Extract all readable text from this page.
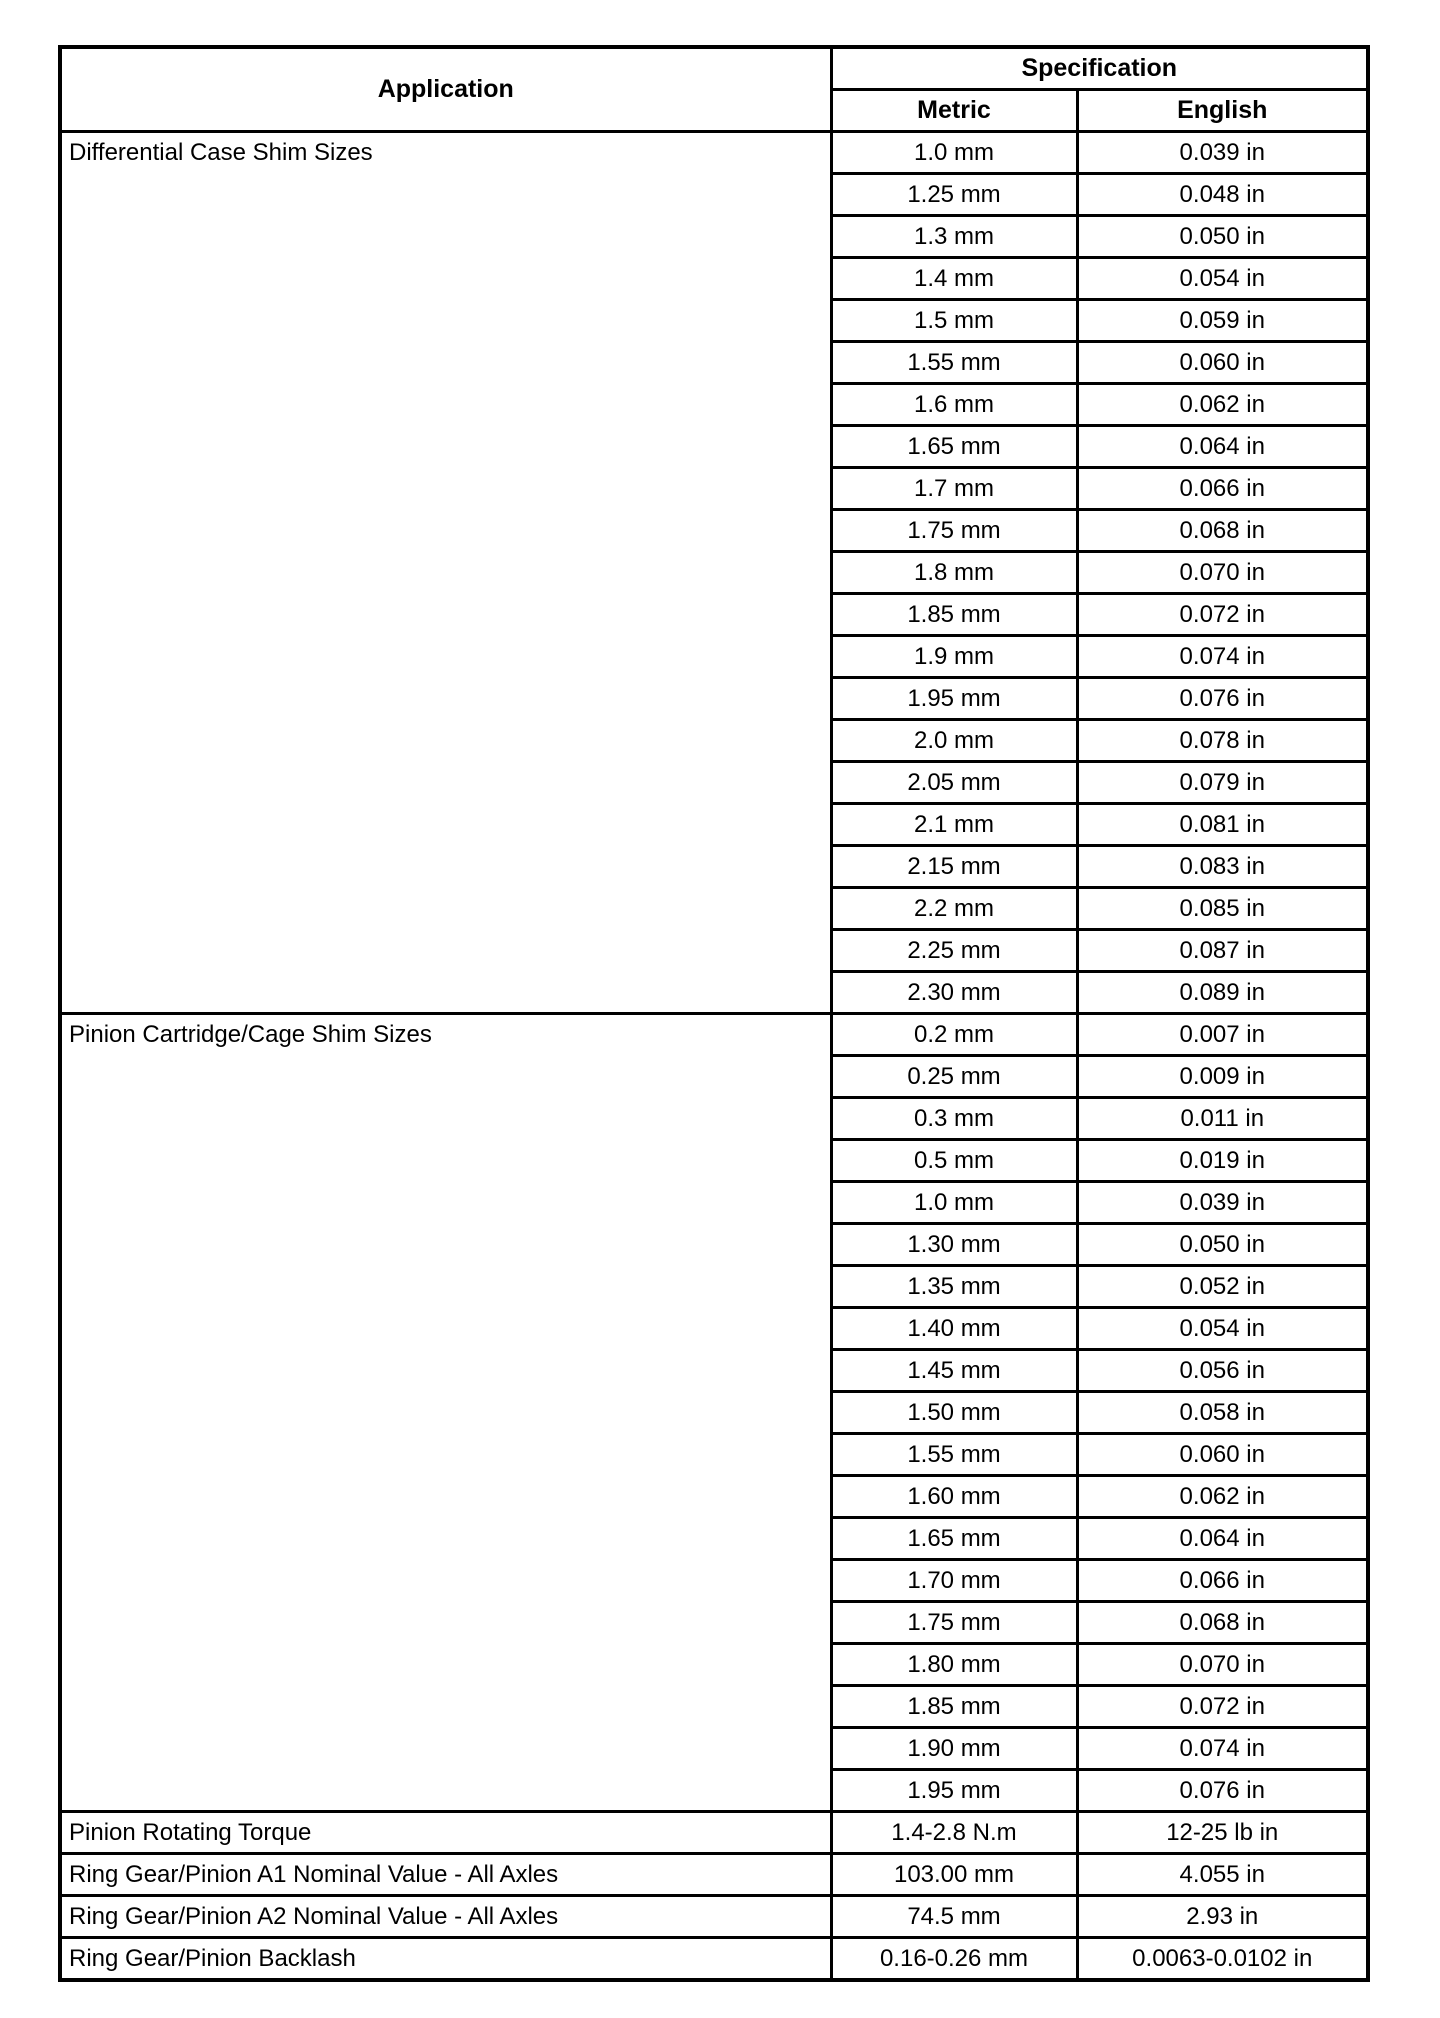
Application	Specification	
	Metric	English
Differential Case Shim Sizes	1.0 mm	0.039 in
	1.25 mm	0.048 in
	1.3 mm	0.050 in
	1.4 mm	0.054 in
	1.5 mm	0.059 in
	1.55 mm	0.060 in
	1.6 mm	0.062 in
	1.65 mm	0.064 in
	1.7 mm	0.066 in
	1.75 mm	0.068 in
	1.8 mm	0.070 in
	1.85 mm	0.072 in
	1.9 mm	0.074 in
	1.95 mm	0.076 in
	2.0 mm	0.078 in
	2.05 mm	0.079 in
	2.1 mm	0.081 in
	2.15 mm	0.083 in
	2.2 mm	0.085 in
	2.25 mm	0.087 in
	2.30 mm	0.089 in
Pinion Cartridge/Cage Shim Sizes	0.2 mm	0.007 in
	0.25 mm	0.009 in
	0.3 mm	0.011 in
	0.5 mm	0.019 in
	1.0 mm	0.039 in
	1.30 mm	0.050 in
	1.35 mm	0.052 in
	1.40 mm	0.054 in
	1.45 mm	0.056 in
	1.50 mm	0.058 in
	1.55 mm	0.060 in
	1.60 mm	0.062 in
	1.65 mm	0.064 in
	1.70 mm	0.066 in
	1.75 mm	0.068 in
	1.80 mm	0.070 in
	1.85 mm	0.072 in
	1.90 mm	0.074 in
	1.95 mm	0.076 in
Pinion Rotating Torque	1.4-2.8 N.m	12-25 lb in
Ring Gear/Pinion A1 Nominal Value - All Axles	103.00 mm	4.055 in
Ring Gear/Pinion A2 Nominal Value - All Axles	74.5 mm	2.93 in
Ring Gear/Pinion Backlash	0.16-0.26 mm	0.0063-0.0102 in
